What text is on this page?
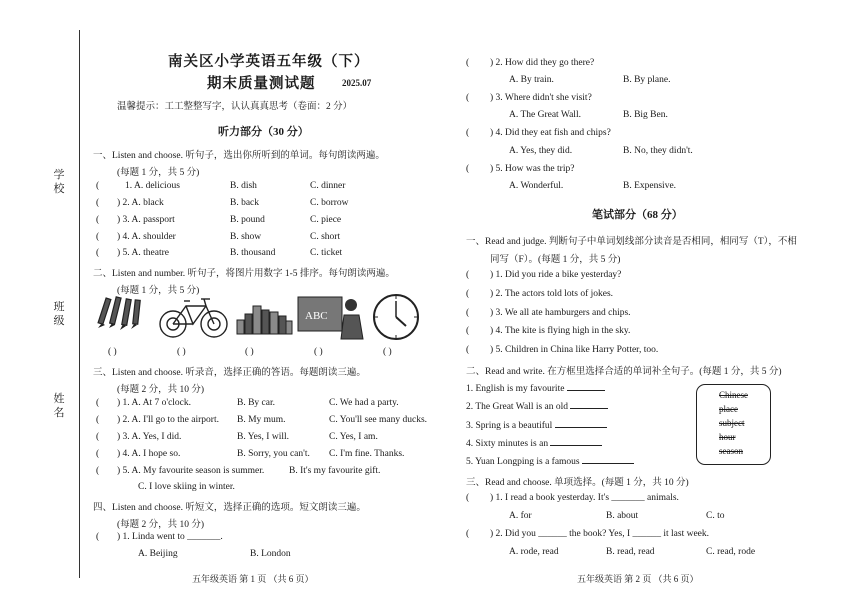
学校
班级
姓名
南关区小学英语五年级（下）
期末质量测试题	2025.07
温馨提示：工工整整写字，认认真真思考（卷面：2 分）
听力部分（30 分）
一、Listen and choose. 听句子，选出你所听到的单词。每句朗读两遍。
(每题 1 分，共 5 分)
(	1. A. delicious	B. dish	C. dinner
( ) 2. A. black	B. back	C. borrow
( ) 3. A. passport	B. pound	C. piece
( ) 4. A. shoulder	B. show	C. short
( ) 5. A. theatre	B. thousand	C. ticket
二、Listen and number. 听句子，将图片用数字 1-5 排序。每句朗读两遍。
(每题 1 分，共 5 分)
ABC
( )	( )	( )	( )	( )
三、Listen and choose. 听录音，选择正确的答语。每题朗读三遍。
(每题 2 分，共 10 分)
( ) 1. A. At 7 o'clock.	B. By car.	C. We had a party.
( ) 2. A. I'll go to the airport. B. My mum.	C. You'll see many ducks.
( ) 3. A. Yes, I did.	B. Yes, I will.	C. Yes, I am.
( ) 4. A. I hope so.	B. Sorry, you can't. C. I'm fine. Thanks.
( ) 5. A. My favourite season is summer.	B. It's my favourite gift.
C. I love skiing in winter.
四、Listen and choose. 听短文，选择正确的选项。短文朗读三遍。
(每题 2 分，共 10 分)
( ) 1. Linda went to _______.
A. Beijing	B. London
五年级英语 第 1 页 （共 6 页）
( ) 2. How did they go there?
A. By train.	B. By plane.
( ) 3. Where didn't she visit?
A. The Great Wall.	B. Big Ben.
( ) 4. Did they eat fish and chips?
A. Yes, they did.	B. No, they didn't.
( ) 5. How was the trip?
A. Wonderful.	B. Expensive.
笔试部分（68 分）
一、Read and judge. 判断句子中单词划线部分读音是否相同，相同写（T），不相
同写（F）。(每题 1 分，共 5 分)
( ) 1. Did you ride a bike yesterday?
( ) 2. The actors told lots of jokes.
( ) 3. We all ate hamburgers and chips.
( ) 4. The kite is flying high in the sky.
( ) 5. Children in China like Harry Potter, too.
二、Read and write. 在方框里选择合适的单词补全句子。(每题 1 分，共 5 分)
1. English is my favourite
2. The Great Wall is an old
3. Spring is a beautiful
4. Sixty minutes is an
5. Yuan Longping is a famous
Chinese
place
subject
hour
season
三、Read and choose. 单项选择。(每题 1 分，共 10 分)
( ) 1. I read a book yesterday. It's _______ animals.
A. for	B. about	C. to
( ) 2. Did you ______ the book? Yes, I ______ it last week.
A. rode, read	B. read, read	C. read, rode
五年级英语 第 2 页 （共 6 页）
